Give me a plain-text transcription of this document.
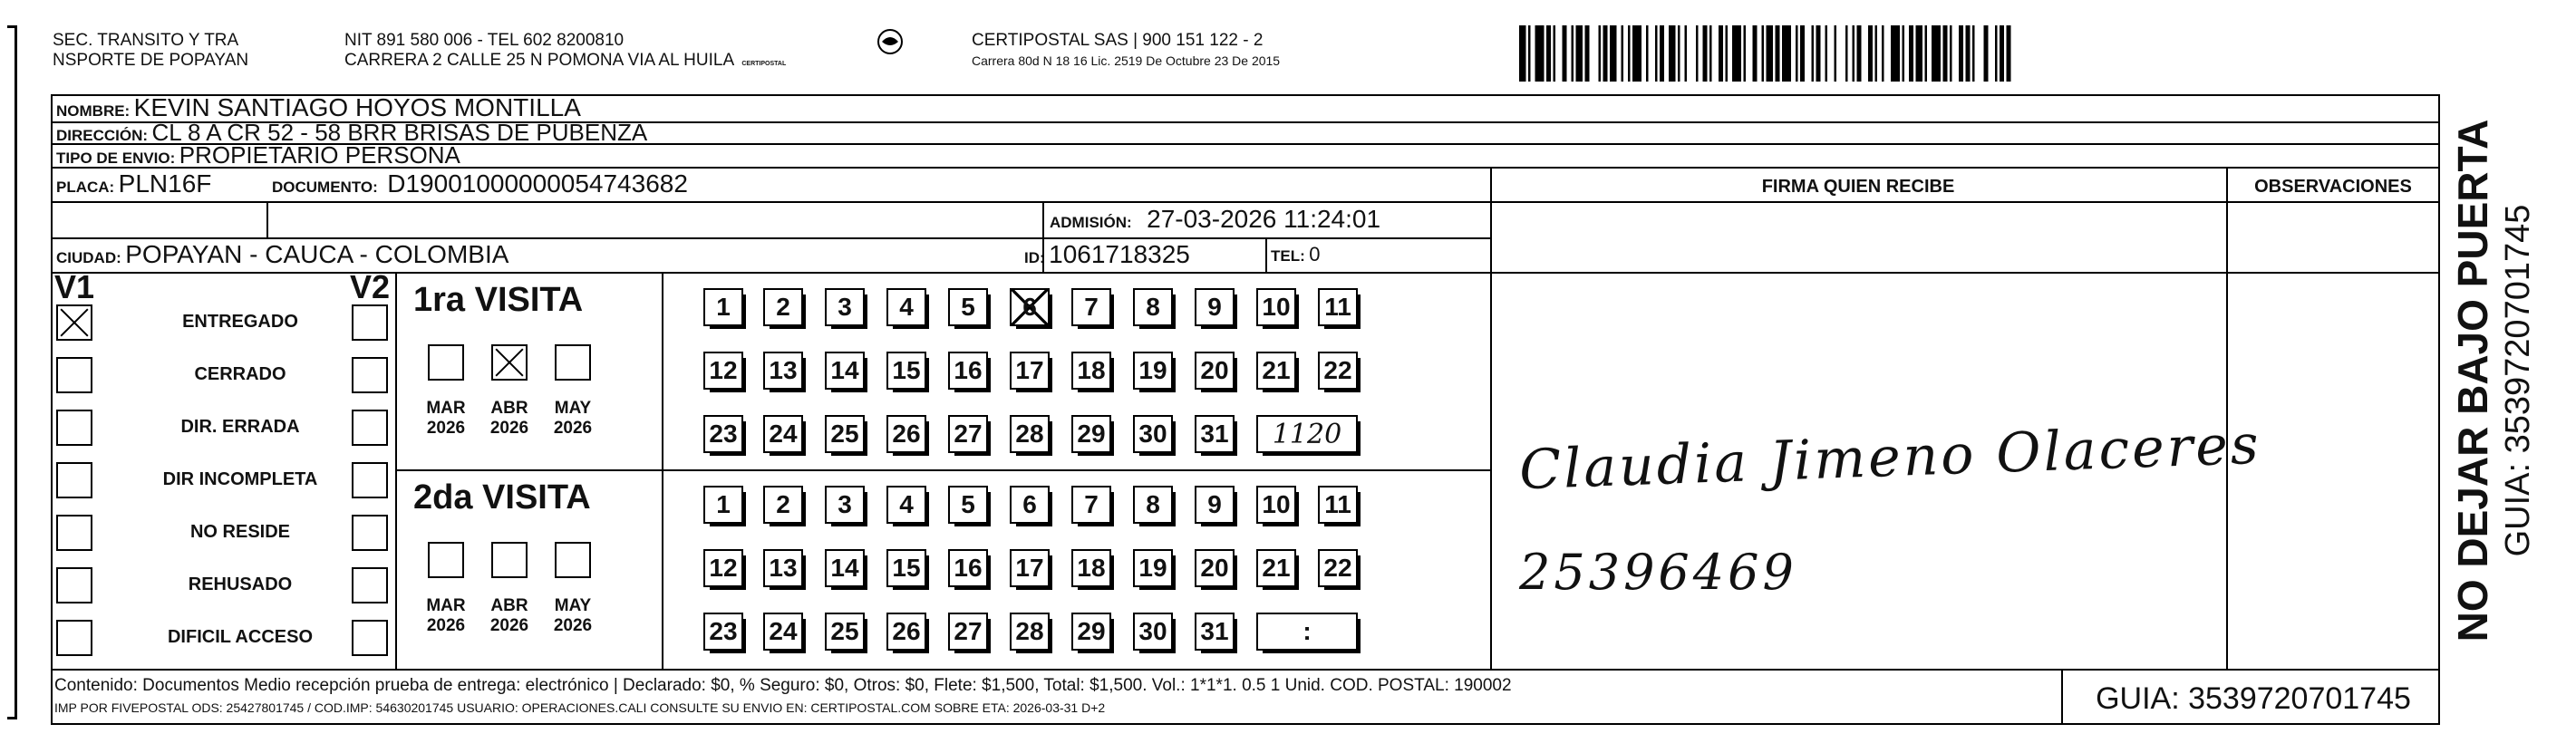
SEC. TRANSITO Y TRA
NSPORTE DE POPAYAN
NIT 891 580 006 - TEL 602 8200810
CARRERA 2 CALLE 25 N POMONA VIA AL HUILA CERTIPOSTAL
CERTIPOSTAL SAS | 900 151 122 - 2
Carrera 80d N 18 16 Lic. 2519 De Octubre 23 De 2015
NOMBRE: KEVIN SANTIAGO HOYOS MONTILLA
DIRECCIÓN: CL 8 A CR 52 - 58 BRR BRISAS DE PUBENZA
TIPO DE ENVIO: PROPIETARIO PERSONA
PLACA: PLN16F	DOCUMENTO: D19001000000054743682
ADMISIÓN: 27-03-2026 11:24:01
CIUDAD: POPAYAN - CAUCA - COLOMBIA	ID: 1061718325	TEL: 0
FIRMA QUIEN RECIBE	OBSERVACIONES
V1	V2
ENTREGADO
CERRADO
DIR. ERRADA
DIR INCOMPLETA
NO RESIDE
REHUSADO
DIFICIL ACCESO
1ra VISITA
MAR
2026
ABR
2026
MAY
2026
1	2	3	4	5	6	7	8	9	10 11
12 13 14 15 16 17 18 19 20 21 22
23 24 25 26 27 28 29 30 31	1120
2da VISITA
MAR
2026
ABR
2026
MAY
2026
1	2	3	4	5	6	7	8	9	10 11
12 13 14 15 16 17 18 19 20 21 22
23 24 25 26 27 28 29 30 31	:
Claudia Jimeno Olaceres
25396469
Contenido: Documentos Medio recepción prueba de entrega: electrónico | Declarado: $0, % Seguro: $0, Otros: $0, Flete: $1,500, Total: $1,500. Vol.: 1*1*1. 0.5 1 Unid. COD. POSTAL: 190002
IMP POR FIVEPOSTAL ODS: 25427801745 / COD.IMP: 54630201745 USUARIO: OPERACIONES.CALI CONSULTE SU ENVIO EN: CERTIPOSTAL.COM SOBRE ETA: 2026-03-31 D+2	GUIA: 3539720701745
NO DEJAR BAJO PUERTA GUIA: 3539720701745
